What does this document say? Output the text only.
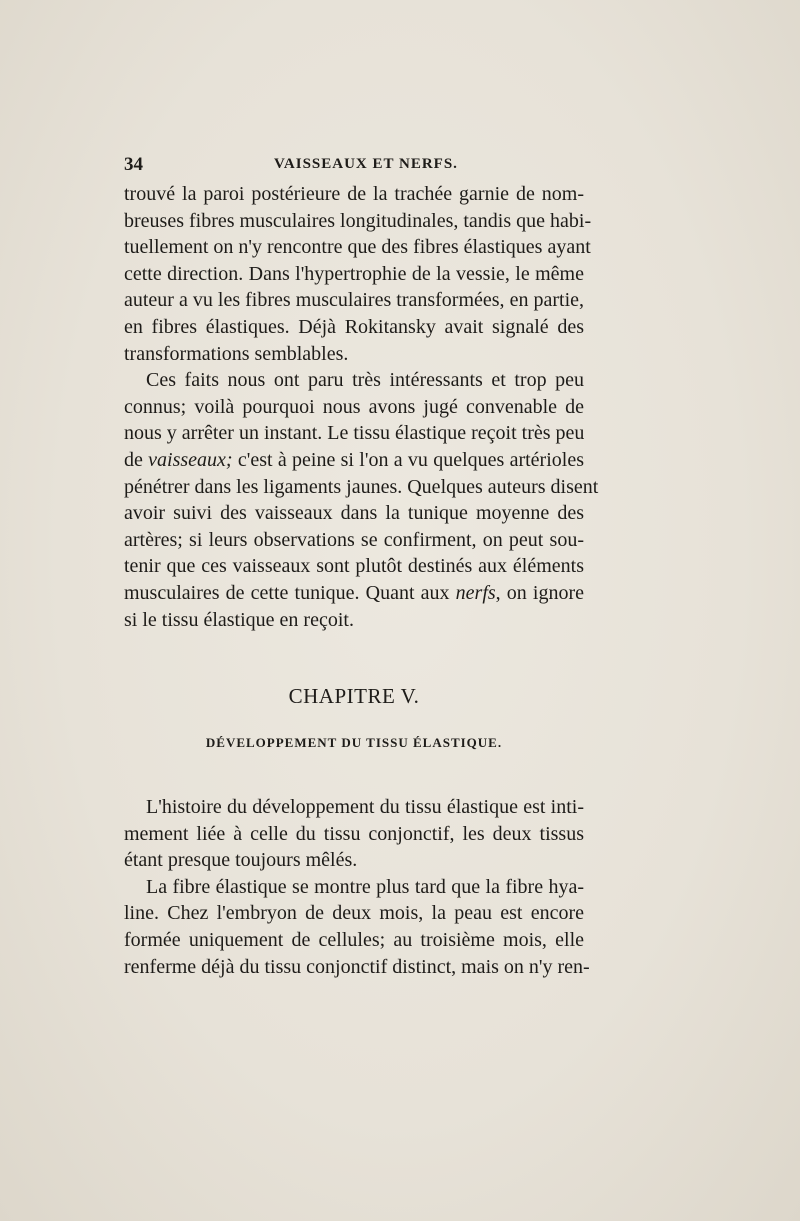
34	VAISSEAUX ET NERFS.
trouvé la paroi postérieure de la trachée garnie de nom-
breuses fibres musculaires longitudinales, tandis que habi-
tuellement on n'y rencontre que des fibres élastiques ayant
cette direction. Dans l'hypertrophie de la vessie, le même
auteur a vu les fibres musculaires transformées, en partie,
en fibres élastiques. Déjà Rokitansky avait signalé des
transformations semblables.
Ces faits nous ont paru très intéressants et trop peu
connus; voilà pourquoi nous avons jugé convenable de
nous y arrêter un instant. Le tissu élastique reçoit très peu
de vaisseaux; c'est à peine si l'on a vu quelques artérioles
pénétrer dans les ligaments jaunes. Quelques auteurs disent
avoir suivi des vaisseaux dans la tunique moyenne des
artères; si leurs observations se confirment, on peut sou-
tenir que ces vaisseaux sont plutôt destinés aux éléments
musculaires de cette tunique. Quant aux nerfs, on ignore
si le tissu élastique en reçoit.
CHAPITRE V.
DÉVELOPPEMENT DU TISSU ÉLASTIQUE.
L'histoire du développement du tissu élastique est inti-
mement liée à celle du tissu conjonctif, les deux tissus
étant presque toujours mêlés.
La fibre élastique se montre plus tard que la fibre hya-
line. Chez l'embryon de deux mois, la peau est encore
formée uniquement de cellules; au troisième mois, elle
renferme déjà du tissu conjonctif distinct, mais on n'y ren-
